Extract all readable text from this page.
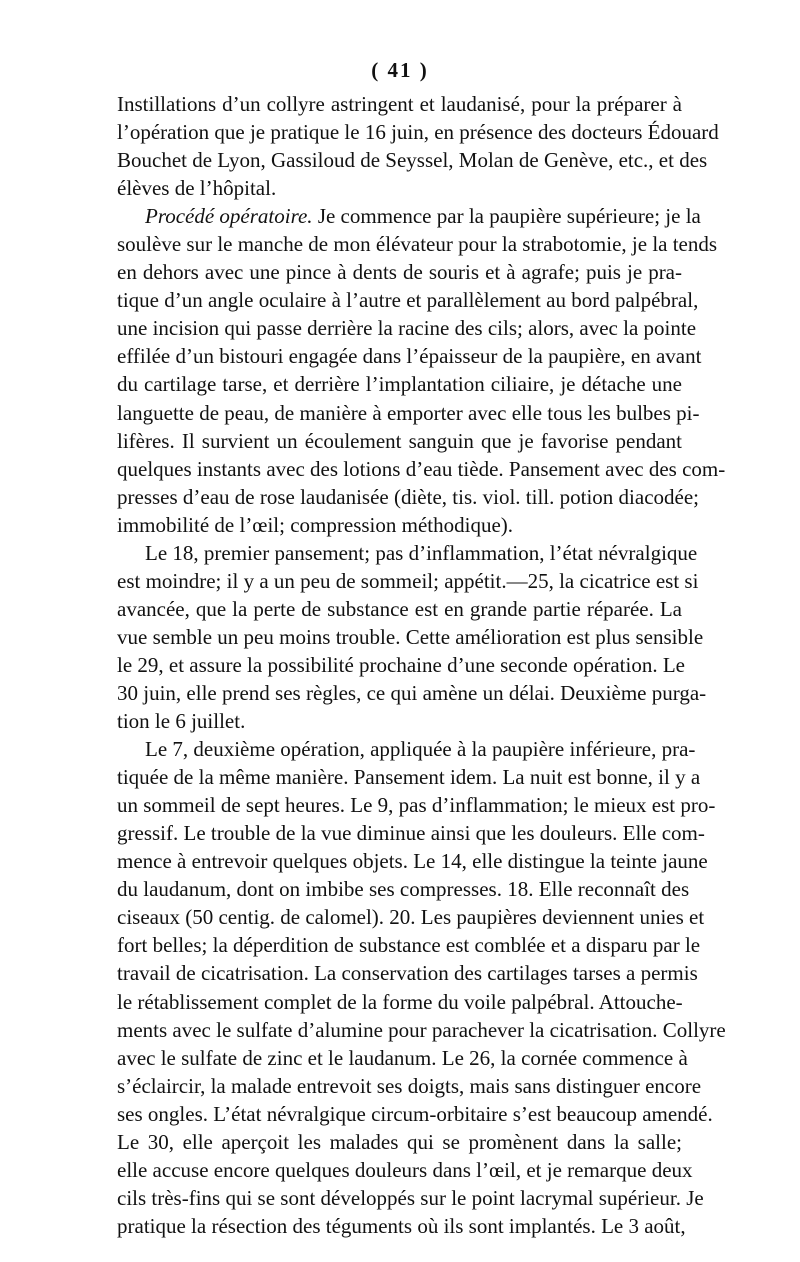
( 41 )
Instillations d’un collyre astringent et laudanisé, pour la préparer à
l’opération que je pratique le 16 juin, en présence des docteurs Édouard
Bouchet de Lyon, Gassiloud de Seyssel, Molan de Genève, etc., et des
élèves de l’hôpital.
Procédé opératoire. Je commence par la paupière supérieure; je la
soulève sur le manche de mon élévateur pour la strabotomie, je la tends
en dehors avec une pince à dents de souris et à agrafe; puis je pra-
tique d’un angle oculaire à l’autre et parallèlement au bord palpébral,
une incision qui passe derrière la racine des cils; alors, avec la pointe
effilée d’un bistouri engagée dans l’épaisseur de la paupière, en avant
du cartilage tarse, et derrière l’implantation ciliaire, je détache une
languette de peau, de manière à emporter avec elle tous les bulbes pi-
lifères. Il survient un écoulement sanguin que je favorise pendant
quelques instants avec des lotions d’eau tiède. Pansement avec des com-
presses d’eau de rose laudanisée (diète, tis. viol. till. potion diacodée;
immobilité de l’œil; compression méthodique).
Le 18, premier pansement; pas d’inflammation, l’état névralgique
est moindre; il y a un peu de sommeil; appétit.—25, la cicatrice est si
avancée, que la perte de substance est en grande partie réparée. La
vue semble un peu moins trouble. Cette amélioration est plus sensible
le 29, et assure la possibilité prochaine d’une seconde opération. Le
30 juin, elle prend ses règles, ce qui amène un délai. Deuxième purga-
tion le 6 juillet.
Le 7, deuxième opération, appliquée à la paupière inférieure, pra-
tiquée de la même manière. Pansement idem. La nuit est bonne, il y a
un sommeil de sept heures. Le 9, pas d’inflammation; le mieux est pro-
gressif. Le trouble de la vue diminue ainsi que les douleurs. Elle com-
mence à entrevoir quelques objets. Le 14, elle distingue la teinte jaune
du laudanum, dont on imbibe ses compresses. 18. Elle reconnaît des
ciseaux (50 centig. de calomel). 20. Les paupières deviennent unies et
fort belles; la déperdition de substance est comblée et a disparu par le
travail de cicatrisation. La conservation des cartilages tarses a permis
le rétablissement complet de la forme du voile palpébral. Attouche-
ments avec le sulfate d’alumine pour parachever la cicatrisation. Collyre
avec le sulfate de zinc et le laudanum. Le 26, la cornée commence à
s’éclaircir, la malade entrevoit ses doigts, mais sans distinguer encore
ses ongles. L’état névralgique circum-orbitaire s’est beaucoup amendé.
Le 30, elle aperçoit les malades qui se promènent dans la salle;
elle accuse encore quelques douleurs dans l’œil, et je remarque deux
cils très-fins qui se sont développés sur le point lacrymal supérieur. Je
pratique la résection des téguments où ils sont implantés. Le 3 août,
